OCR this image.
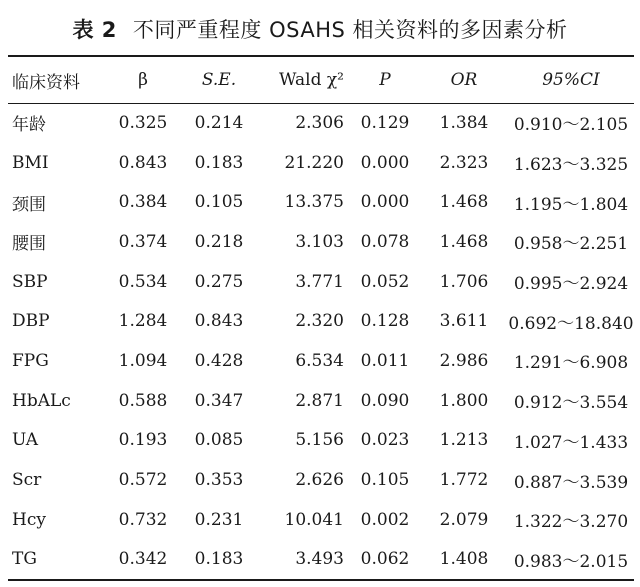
表 2 不同严重程度 OSAHS 相关资料的多因素分析
临床资料	β	S.E.	Wald χ²	P	OR	95%CI
年龄	0.325	0.214	2.306	0.129	1.384	0.910～2.105
BMI	0.843	0.183	21.220	0.000	2.323	1.623～3.325
颈围	0.384	0.105	13.375	0.000	1.468	1.195～1.804
腰围	0.374	0.218	3.103	0.078	1.468	0.958～2.251
SBP	0.534	0.275	3.771	0.052	1.706	0.995～2.924
DBP	1.284	0.843	2.320	0.128	3.611	0.692～18.840
FPG	1.094	0.428	6.534	0.011	2.986	1.291～6.908
HbALc	0.588	0.347	2.871	0.090	1.800	0.912～3.554
UA	0.193	0.085	5.156	0.023	1.213	1.027～1.433
Scr	0.572	0.353	2.626	0.105	1.772	0.887～3.539
Hcy	0.732	0.231	10.041	0.002	2.079	1.322～3.270
TG	0.342	0.183	3.493	0.062	1.408	0.983～2.015
